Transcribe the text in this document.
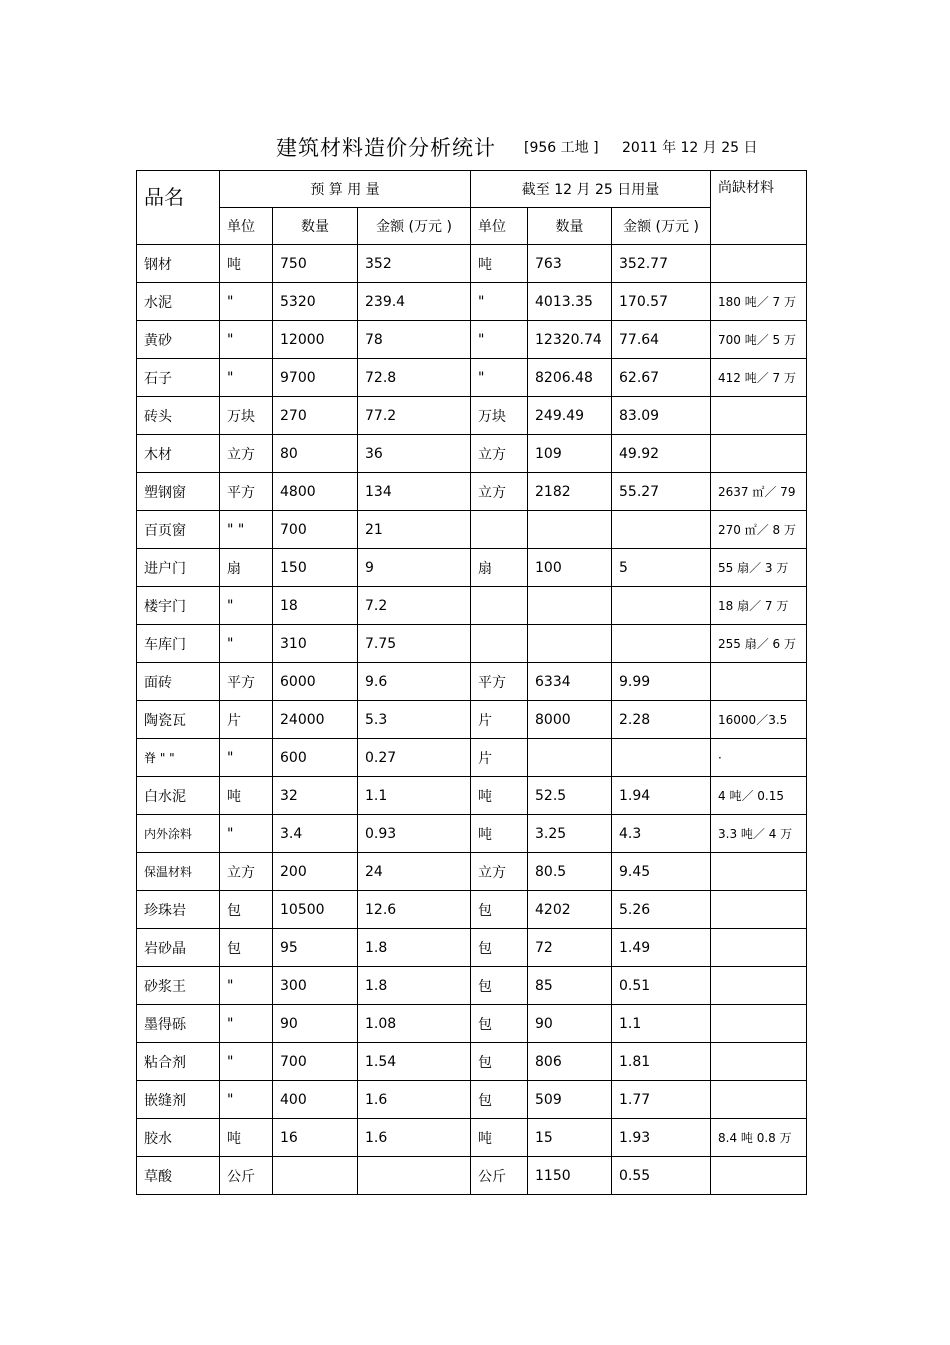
建筑材料造价分析统计 [956 工地 ] 2011 年 12 月 25 日
品名	预 算 用 量			截至 12 月 25 日用量			尚缺材料
	单位	数量	金额 (万元 )	单位	数量	金额 (万元 )	
钢材	吨	750	352	吨	763	352.77	
水泥	"	5320	239.4	"	4013.35	170.57	180 吨／ 7 万
黄砂	"	12000	78	"	12320.74	77.64	700 吨／ 5 万
石子	"	9700	72.8	"	8206.48	62.67	412 吨／ 7 万
砖头	万块	270	77.2	万块	249.49	83.09	
木材	立方	80	36	立方	109	49.92	
塑钢窗	平方	4800	134	立方	2182	55.27	2637 ㎡／ 79
百页窗	" "	700	21				270 ㎡／ 8 万
进户门	扇	150	9	扇	100	5	55 扇／ 3 万
楼宇门	"	18	7.2				18 扇／ 7 万
车库门	"	310	7.75				255 扇／ 6 万
面砖	平方	6000	9.6	平方	6334	9.99	
陶瓷瓦	片	24000	5.3	片	8000	2.28	16000／3.5
脊 " "	"	600	0.27	片			·
白水泥	吨	32	1.1	吨	52.5	1.94	4 吨／ 0.15
内外涂料	"	3.4	0.93	吨	3.25	4.3	3.3 吨／ 4 万
保温材料	立方	200	24	立方	80.5	9.45	
珍珠岩	包	10500	12.6	包	4202	5.26	
岩砂晶	包	95	1.8	包	72	1.49	
砂浆王	"	300	1.8	包	85	0.51	
墨得砾	"	90	1.08	包	90	1.1	
粘合剂	"	700	1.54	包	806	1.81	
嵌缝剂	"	400	1.6	包	509	1.77	
胶水	吨	16	1.6	吨	15	1.93	8.4 吨 0.8 万
草酸	公斤			公斤	1150	0.55	
